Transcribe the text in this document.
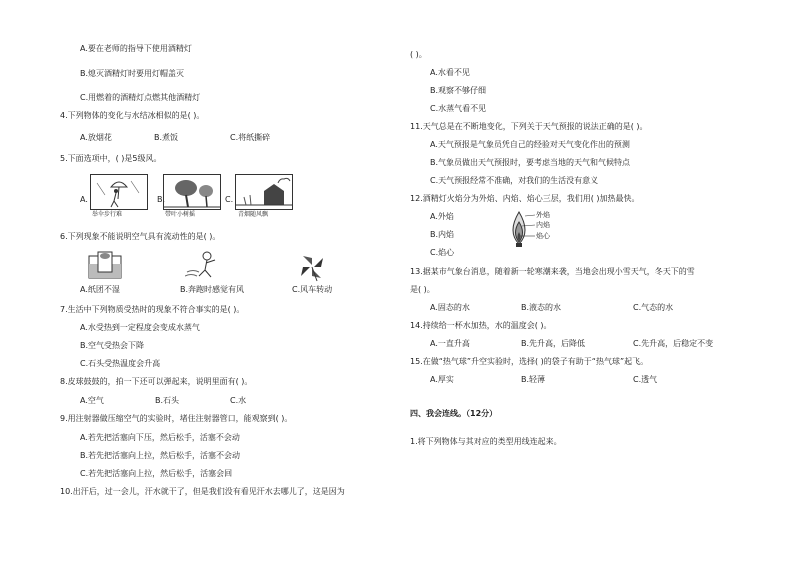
A.要在老师的指导下使用酒精灯
B.熄灭酒精灯时要用灯帽盖灭
C.用燃着的酒精灯点燃其他酒精灯
4.下列物体的变化与水结冰相似的是( )。
A.放烟花	B.煮饭	C.将纸撕碎
5.下面选项中，( )是5级风。
A.
举伞步行难
B.
带叶小树摇
C.
青烟随风飘
6.下列现象不能说明空气具有流动性的是( )。
A.纸团不湿	B.奔跑时感觉有风	C.风车转动
7.生活中下列物质受热时的现象不符合事实的是( )。
A.水受热到一定程度会变成水蒸气
B.空气受热会下降
C.石头受热温度会升高
8.皮球鼓鼓的，拍一下还可以弹起来，说明里面有( )。
A.空气	B.石头	C.水
9.用注射器做压缩空气的实验时，堵住注射器管口，能观察到( )。
A.若先把活塞向下压，然后松手，活塞不会动
B.若先把活塞向上拉，然后松手，活塞不会动
C.若先把活塞向上拉，然后松手，活塞会回
10.出汗后，过一会儿，汗水就干了，但是我们没有看见汗水去哪儿了，这是因为
( )。
A.水看不见
B.观察不够仔细
C.水蒸气看不见
11.天气总是在不断地变化，下列关于天气预报的说法正确的是( )。
A.天气预报是气象员凭自己的经验对天气变化作出的预测
B.气象员做出天气预报时，要考虑当地的天气和气候特点
C.天气预报经常不准确，对我们的生活没有意义
12.酒精灯火焰分为外焰、内焰、焰心三层，我们用( )加热最快。
A.外焰
B.内焰
C.焰心
外焰
内焰
焰心
13.据某市气象台消息，随着新一轮寒潮来袭，当地会出现小雪天气，冬天下的雪
是( )。
A.固态的水	B.液态的水	C.气态的水
14.持续给一杯水加热，水的温度会( )。
A.一直升高	B.先升高，后降低	C.先升高，后稳定不变
15.在做“热气球”升空实验时，选择( )的袋子有助于“热气球”起飞。
A.厚实	B.轻薄	C.透气
四、我会连线。（12分）
1.将下列物体与其对应的类型用线连起来。
